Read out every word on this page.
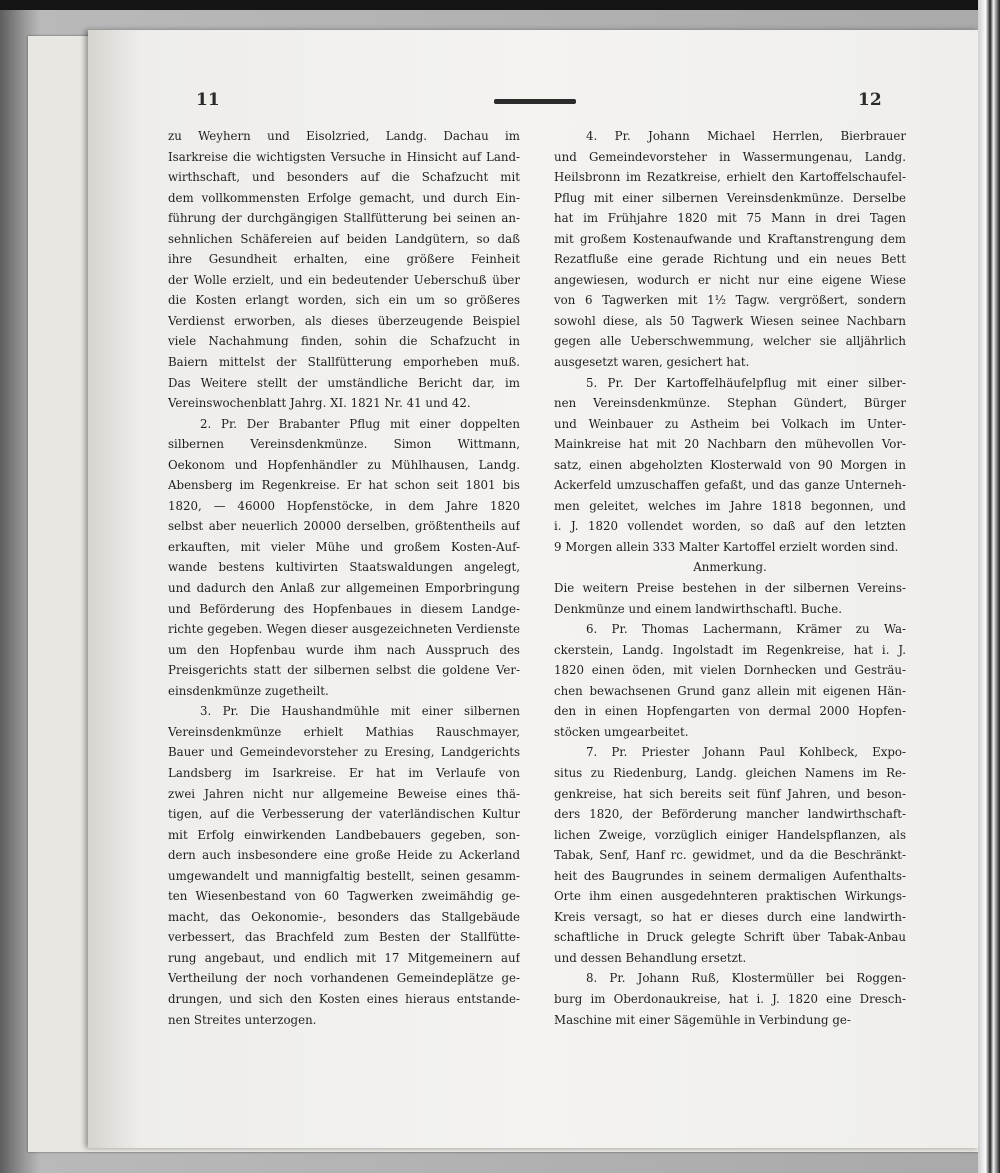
11	12
zu Weyhern und Eisolzried, Landg. Dachau im
Isarkreise die wichtigsten Versuche in Hinsicht auf Land-
wirthschaft, und besonders auf die Schafzucht mit
dem vollkommensten Erfolge gemacht, und durch Ein-
führung der durchgängigen Stallfütterung bei seinen an-
sehnlichen Schäfereien auf beiden Landgütern, so daß
ihre Gesundheit erhalten, eine größere Feinheit
der Wolle erzielt, und ein bedeutender Ueberschuß über
die Kosten erlangt worden, sich ein um so größeres
Verdienst erworben, als dieses überzeugende Beispiel
viele Nachahmung finden, sohin die Schafzucht in
Baiern mittelst der Stallfütterung emporheben muß.
Das Weitere stellt der umständliche Bericht dar, im
Vereinswochenblatt Jahrg. XI. 1821 Nr. 41 und 42.
2. Pr. Der Brabanter Pflug mit einer doppelten
silbernen Vereinsdenkmünze. Simon Wittmann,
Oekonom und Hopfenhändler zu Mühlhausen, Landg.
Abensberg im Regenkreise. Er hat schon seit 1801 bis
1820, — 46000 Hopfenstöcke, in dem Jahre 1820
selbst aber neuerlich 20000 derselben, größtentheils auf
erkauften, mit vieler Mühe und großem Kosten-Auf-
wande bestens kultivirten Staatswaldungen angelegt,
und dadurch den Anlaß zur allgemeinen Emporbringung
und Beförderung des Hopfenbaues in diesem Landge-
richte gegeben. Wegen dieser ausgezeichneten Verdienste
um den Hopfenbau wurde ihm nach Ausspruch des
Preisgerichts statt der silbernen selbst die goldene Ver-
einsdenkmünze zugetheilt.
3. Pr. Die Haushandmühle mit einer silbernen
Vereinsdenkmünze erhielt Mathias Rauschmayer,
Bauer und Gemeindevorsteher zu Eresing, Landgerichts
Landsberg im Isarkreise. Er hat im Verlaufe von
zwei Jahren nicht nur allgemeine Beweise eines thä-
tigen, auf die Verbesserung der vaterländischen Kultur
mit Erfolg einwirkenden Landbebauers gegeben, son-
dern auch insbesondere eine große Heide zu Ackerland
umgewandelt und mannigfaltig bestellt, seinen gesamm-
ten Wiesenbestand von 60 Tagwerken zweimähdig ge-
macht, das Oekonomie-, besonders das Stallgebäude
verbessert, das Brachfeld zum Besten der Stallfütte-
rung angebaut, und endlich mit 17 Mitgemeinern auf
Vertheilung der noch vorhandenen Gemeindeplätze ge-
drungen, und sich den Kosten eines hieraus entstande-
nen Streites unterzogen.
4. Pr. Johann Michael Herrlen, Bierbrauer
und Gemeindevorsteher in Wassermungenau, Landg.
Heilsbronn im Rezatkreise, erhielt den Kartoffelschaufel-
Pflug mit einer silbernen Vereinsdenkmünze. Derselbe
hat im Frühjahre 1820 mit 75 Mann in drei Tagen
mit großem Kostenaufwande und Kraftanstrengung dem
Rezatfluße eine gerade Richtung und ein neues Bett
angewiesen, wodurch er nicht nur eine eigene Wiese
von 6 Tagwerken mit 1½ Tagw. vergrößert, sondern
sowohl diese, als 50 Tagwerk Wiesen seinee Nachbarn
gegen alle Ueberschwemmung, welcher sie alljährlich
ausgesetzt waren, gesichert hat.
5. Pr. Der Kartoffelhäufelpflug mit einer silber-
nen Vereinsdenkmünze. Stephan Gündert, Bürger
und Weinbauer zu Astheim bei Volkach im Unter-
Mainkreise hat mit 20 Nachbarn den mühevollen Vor-
satz, einen abgeholzten Klosterwald von 90 Morgen in
Ackerfeld umzuschaffen gefaßt, und das ganze Unterneh-
men geleitet, welches im Jahre 1818 begonnen, und
i. J. 1820 vollendet worden, so daß auf den letzten
9 Morgen allein 333 Malter Kartoffel erzielt worden sind.
Anmerkung.
Die weitern Preise bestehen in der silbernen Vereins-
Denkmünze und einem landwirthschaftl. Buche.
6. Pr. Thomas Lachermann, Krämer zu Wa-
ckerstein, Landg. Ingolstadt im Regenkreise, hat i. J.
1820 einen öden, mit vielen Dornhecken und Gesträu-
chen bewachsenen Grund ganz allein mit eigenen Hän-
den in einen Hopfengarten von dermal 2000 Hopfen-
stöcken umgearbeitet.
7. Pr. Priester Johann Paul Kohlbeck, Expo-
situs zu Riedenburg, Landg. gleichen Namens im Re-
genkreise, hat sich bereits seit fünf Jahren, und beson-
ders 1820, der Beförderung mancher landwirthschaft-
lichen Zweige, vorzüglich einiger Handelspflanzen, als
Tabak, Senf, Hanf rc. gewidmet, und da die Beschränkt-
heit des Baugrundes in seinem dermaligen Aufenthalts-
Orte ihm einen ausgedehnteren praktischen Wirkungs-
Kreis versagt, so hat er dieses durch eine landwirth-
schaftliche in Druck gelegte Schrift über Tabak-Anbau
und dessen Behandlung ersetzt.
8. Pr. Johann Ruß, Klostermüller bei Roggen-
burg im Oberdonaukreise, hat i. J. 1820 eine Dresch-
Maschine mit einer Sägemühle in Verbindung ge-
